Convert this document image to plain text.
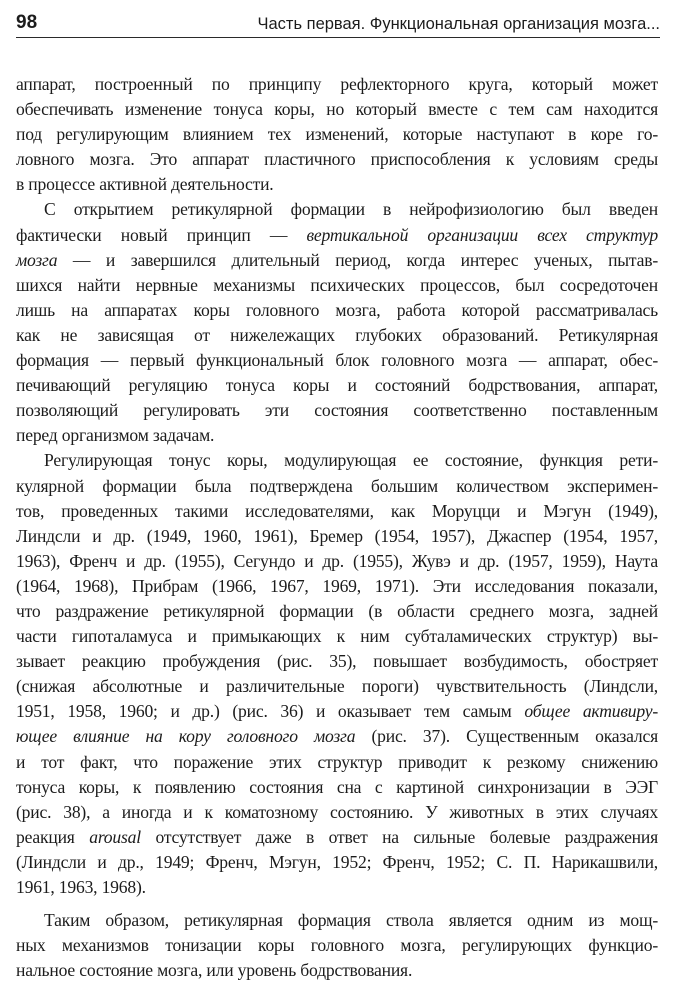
98	Часть первая. Функциональная организация мозга...

аппарат, построенный по принципу рефлекторного круга, который может
обеспечивать изменение тонуса коры, но который вместе с тем сам находится
под регулирующим влиянием тех изменений, которые наступают в коре го-
ловного мозга. Это аппарат пластичного приспособления к условиям среды
в процессе активной деятельности.

С открытием ретикулярной формации в нейрофизиологию был введен
фактически новый принцип — вертикальной организации всех структур
мозга — и завершился длительный период, когда интерес ученых, пытав-
шихся найти нервные механизмы психических процессов, был сосредоточен
лишь на аппаратах коры головного мозга, работа которой рассматривалась
как не зависящая от нижележащих глубоких образований. Ретикулярная
формация — первый функциональный блок головного мозга — аппарат, обес-
печивающий регуляцию тонуса коры и состояний бодрствования, аппарат,
позволяющий регулировать эти состояния соответственно поставленным
перед организмом задачам.

Регулирующая тонус коры, модулирующая ее состояние, функция рети-
кулярной формации была подтверждена большим количеством эксперимен-
тов, проведенных такими исследователями, как Моруцци и Мэгун (1949),
Линдсли и др. (1949, 1960, 1961), Бремер (1954, 1957), Джаспер (1954, 1957,
1963), Френч и др. (1955), Сегундо и др. (1955), Жувэ и др. (1957, 1959), Наута
(1964, 1968), Прибрам (1966, 1967, 1969, 1971). Эти исследования показали,
что раздражение ретикулярной формации (в области среднего мозга, задней
части гипоталамуса и примыкающих к ним субталамических структур) вы-
зывает реакцию пробуждения (рис. 35), повышает возбудимость, обостряет
(снижая абсолютные и различительные пороги) чувствительность (Линдсли,
1951, 1958, 1960; и др.) (рис. 36) и оказывает тем самым общее активиру-
ющее влияние на кору головного мозга (рис. 37). Существенным оказался
и тот факт, что поражение этих структур приводит к резкому снижению
тонуса коры, к появлению состояния сна с картиной синхронизации в ЭЭГ
(рис. 38), а иногда и к коматозному состоянию. У животных в этих случаях
реакция arousal отсутствует даже в ответ на сильные болевые раздражения
(Линдсли и др., 1949; Френч, Мэгун, 1952; Френч, 1952; С. П. Нарикашвили,
1961, 1963, 1968).

Таким образом, ретикулярная формация ствола является одним из мощ-
ных механизмов тонизации коры головного мозга, регулирующих функцио-
нальное состояние мозга, или уровень бодрствования.
